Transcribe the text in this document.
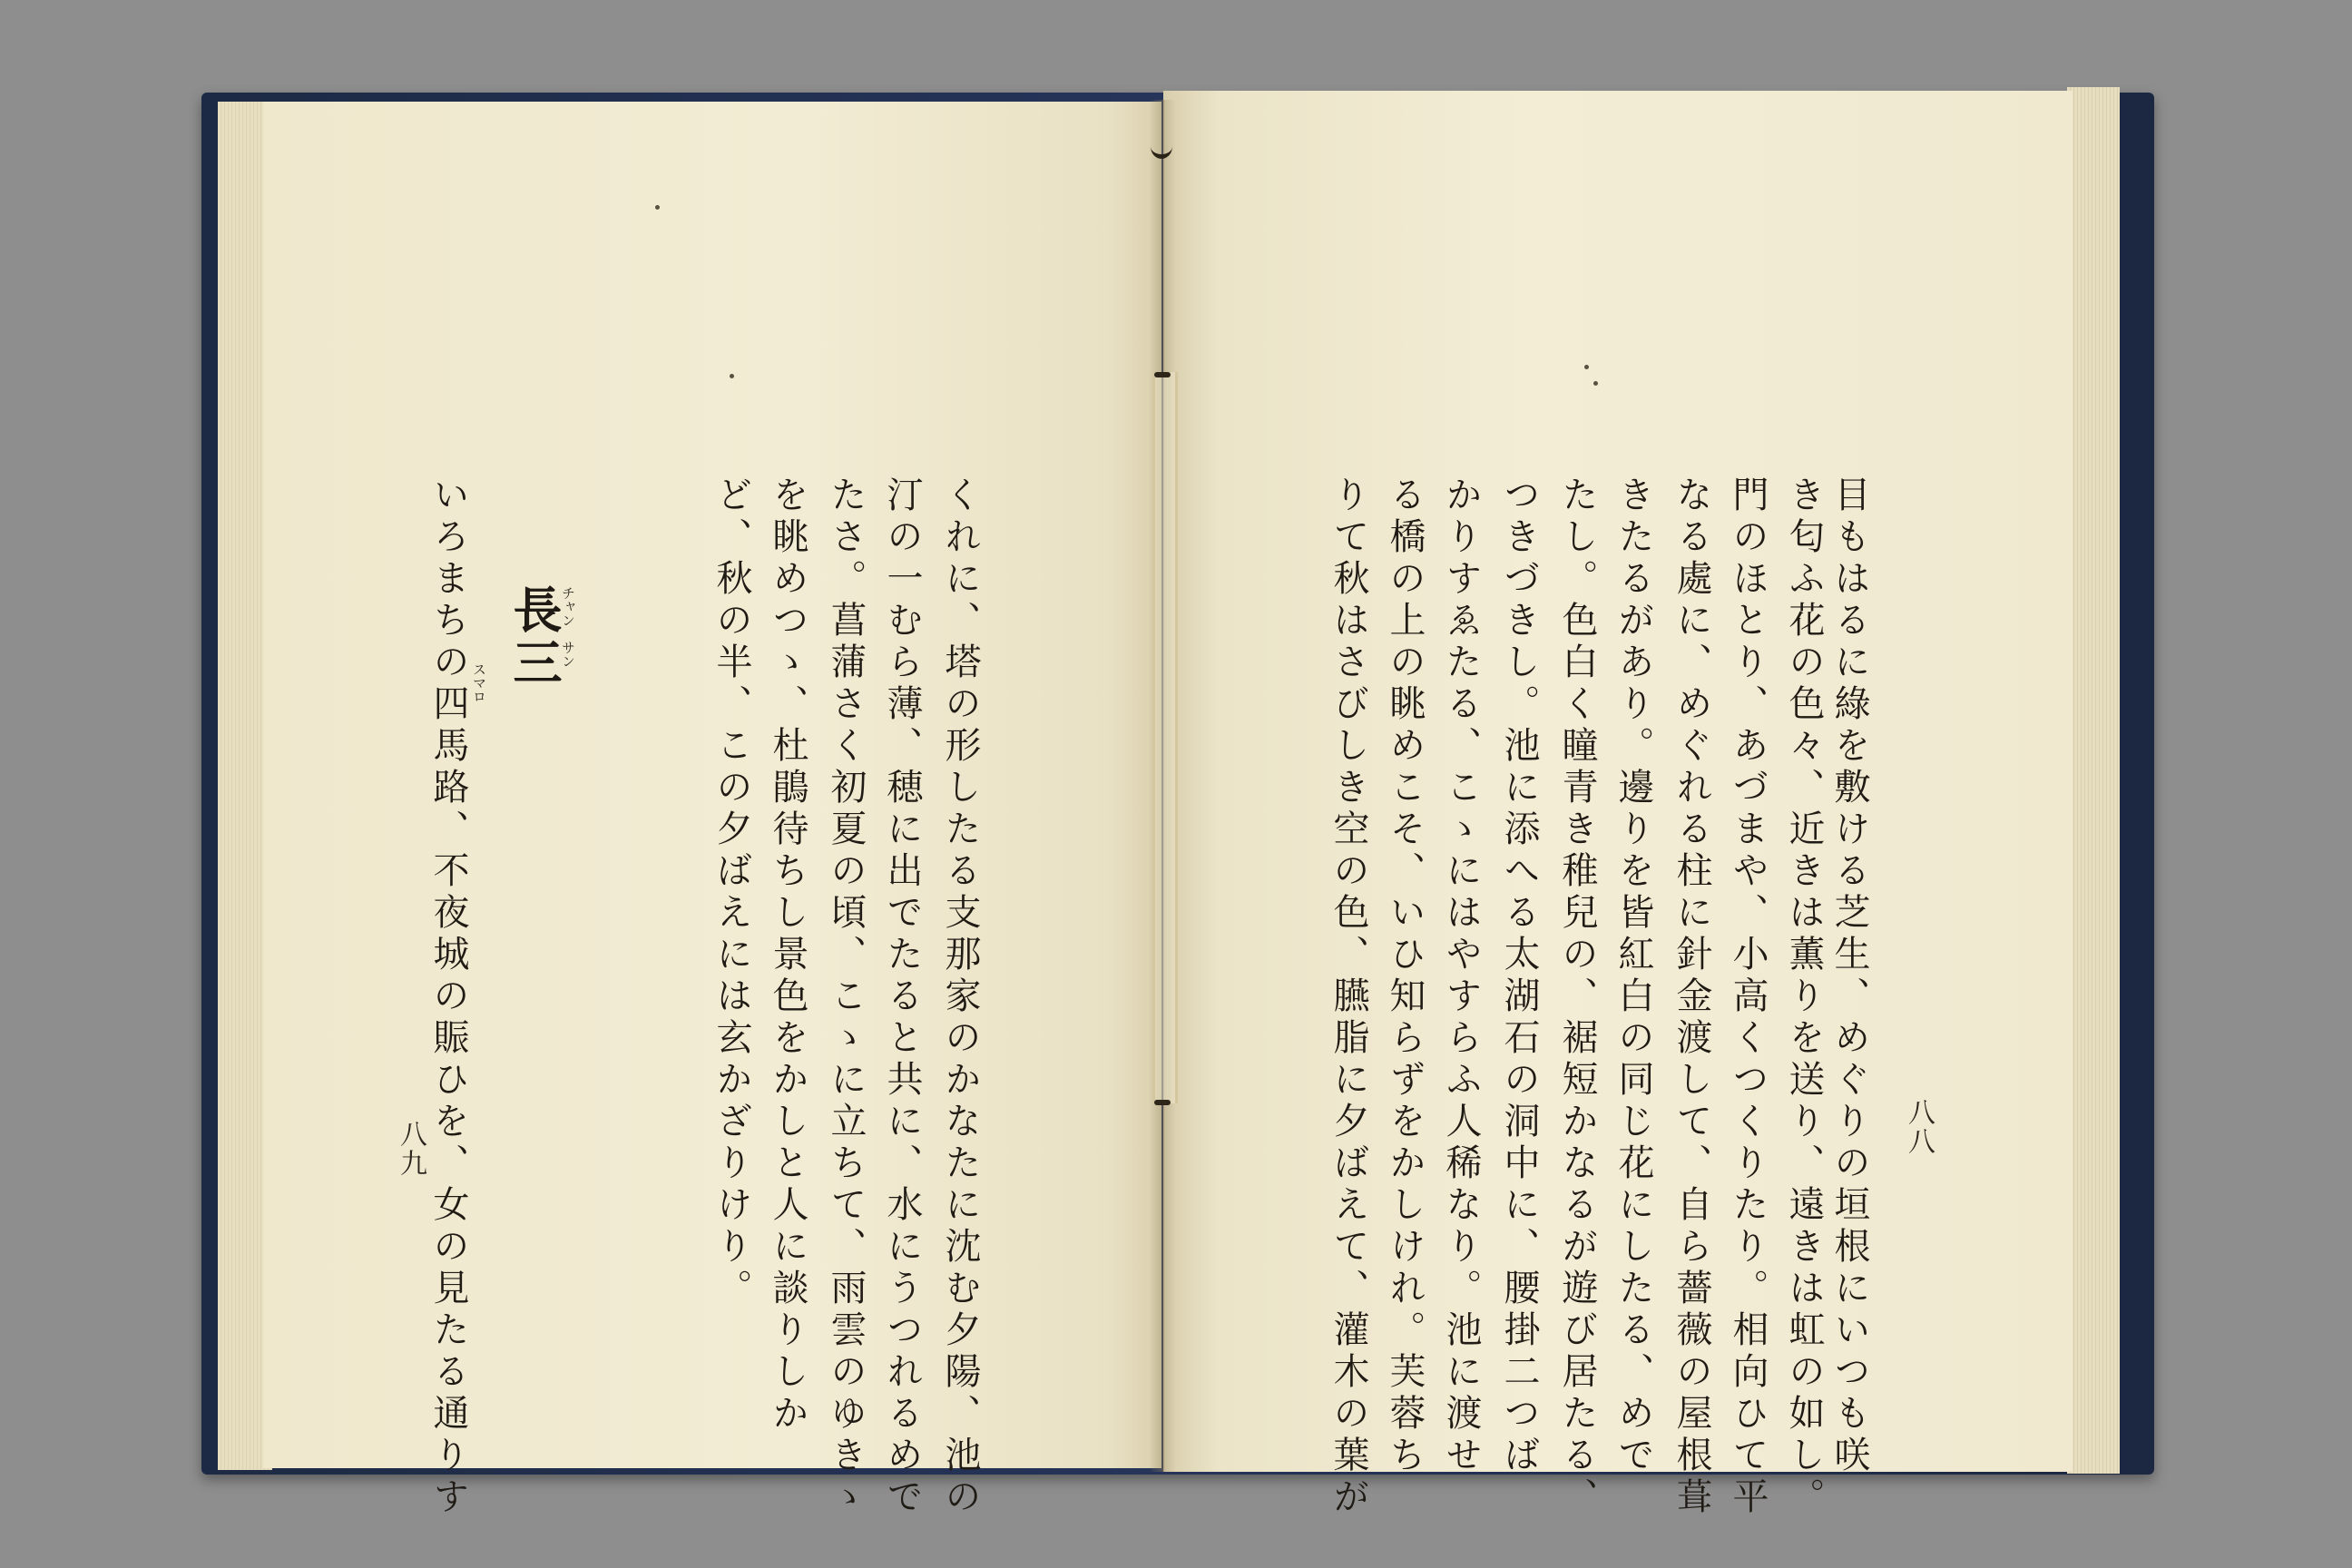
目もはるに綠を敷ける芝生、めぐりの垣根にいつも咲
き匂ふ花の色々、近きは薫りを送り、遠きは虹の如し。
門のほとり、あづまや、小高くつくりたり。相向ひて平
なる處に、めぐれる柱に針金渡して、自ら薔薇の屋根葺
きたるがあり。邊りを皆紅白の同じ花にしたる、めで
たし。色白く瞳青き稚兒の、裾短かなるが遊び居たる、
つきづきし。池に添へる太湖石の洞中に、腰掛二つば
かりすゑたる、こゝにはやすらふ人稀なり。池に渡せ
る橋の上の眺めこそ、いひ知らずをかしけれ。芙蓉ち
りて秋はさびしき空の色、臙脂に夕ばえて、灌木の葉が	八八
くれに、塔の形したる支那家のかなたに沈む夕陽、池の
汀の一むら薄、穂に出でたると共に、水にうつれるめで
たさ。菖蒲さく初夏の頃、こゝに立ちて、雨雲のゆきゝ
を眺めつゝ、杜鵑待ちし景色をかしと人に談りしか
ど、秋の半、この夕ばえには玄かざりけり。
長三
チャン
サン
いろまちの四馬路、不夜城の賑ひを、女の見たる通りす スマロ
八九
